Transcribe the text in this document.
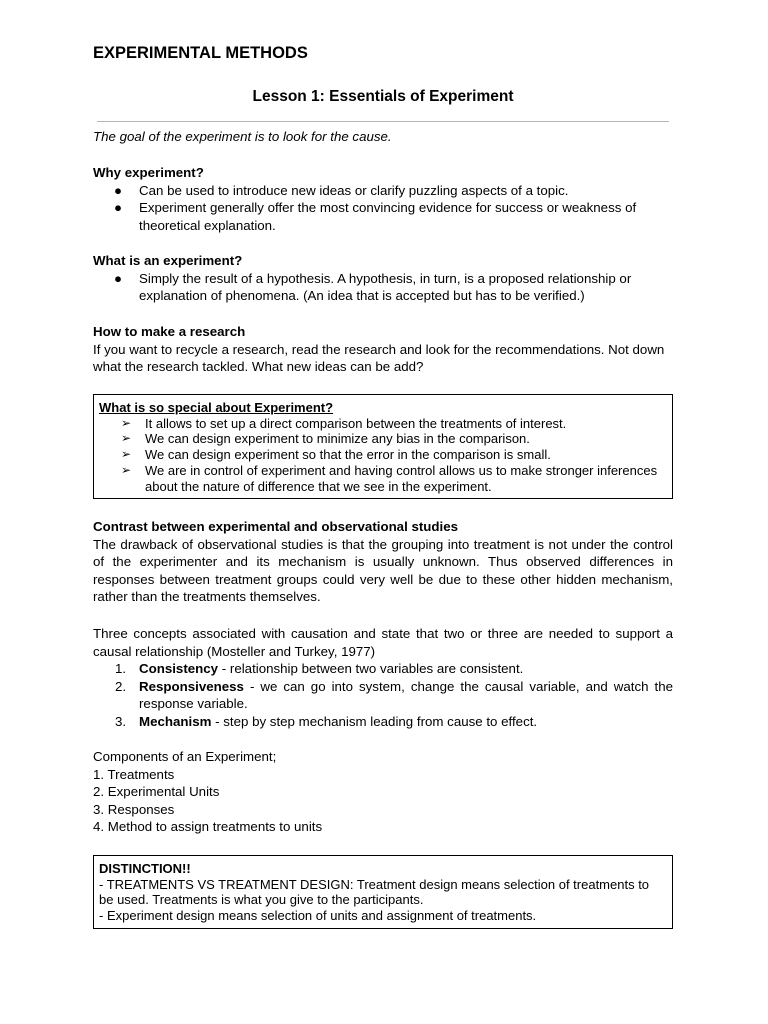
EXPERIMENTAL METHODS
Lesson 1: Essentials of Experiment
The goal of the experiment is to look for the cause.
Why experiment?
● Can be used to introduce new ideas or clarify puzzling aspects of a topic.
● Experiment generally offer the most convincing evidence for success or weakness of theoretical explanation.
What is an experiment?
● Simply the result of a hypothesis. A hypothesis, in turn, is a proposed relationship or explanation of phenomena. (An idea that is accepted but has to be verified.)
How to make a research
If you want to recycle a research, read the research and look for the recommendations. Not down what the research tackled. What new ideas can be add?
What is so special about Experiment?
➢ It allows to set up a direct comparison between the treatments of interest.
➢ We can design experiment to minimize any bias in the comparison.
➢ We can design experiment so that the error in the comparison is small.
➢ We are in control of experiment and having control allows us to make stronger inferences about the nature of difference that we see in the experiment.
Contrast between experimental and observational studies
The drawback of observational studies is that the grouping into treatment is not under the control of the experimenter and its mechanism is usually unknown. Thus observed differences in responses between treatment groups could very well be due to these other hidden mechanism, rather than the treatments themselves.
Three concepts associated with causation and state that two or three are needed to support a causal relationship (Mosteller and Turkey, 1977)
1. Consistency - relationship between two variables are consistent.
2. Responsiveness - we can go into system, change the causal variable, and watch the response variable.
3. Mechanism - step by step mechanism leading from cause to effect.
Components of an Experiment;
1. Treatments
2. Experimental Units
3. Responses
4. Method to assign treatments to units
DISTINCTION!!
- TREATMENTS VS TREATMENT DESIGN: Treatment design means selection of treatments to be used. Treatments is what you give to the participants.
- Experiment design means selection of units and assignment of treatments.
